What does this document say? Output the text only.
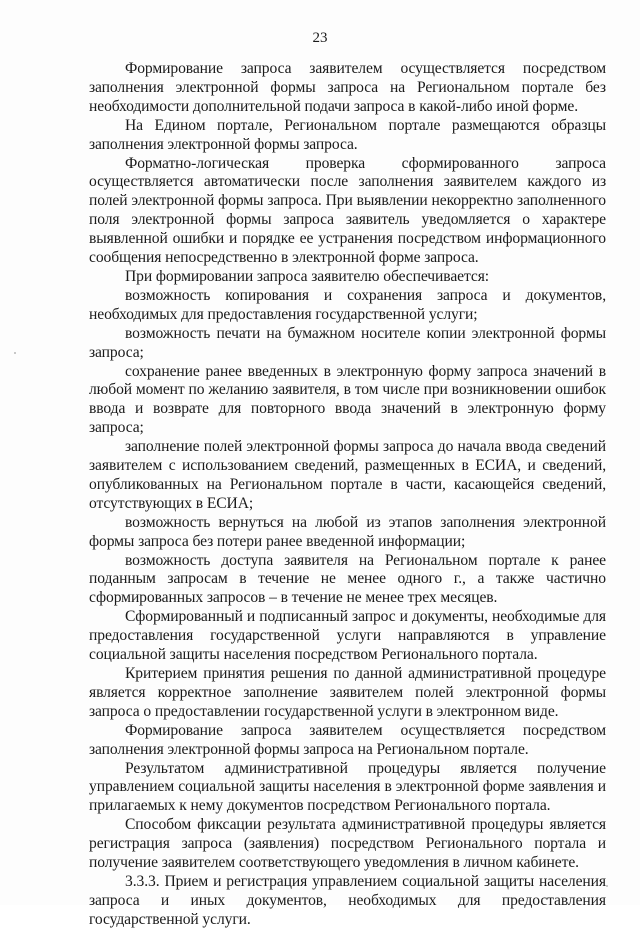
23

Формирование запроса заявителем осуществляется посредством заполнения электронной формы запроса на Региональном портале без необходимости дополнительной подачи запроса в какой-либо иной форме.

На Едином портале, Региональном портале размещаются образцы заполнения электронной формы запроса.

Форматно-логическая проверка сформированного запроса осуществляется автоматически после заполнения заявителем каждого из полей электронной формы запроса. При выявлении некорректно заполненного поля электронной формы запроса заявитель уведомляется о характере выявленной ошибки и порядке ее устранения посредством информационного сообщения непосредственно в электронной форме запроса.

При формировании запроса заявителю обеспечивается:

возможность копирования и сохранения запроса и документов, необходимых для предоставления государственной услуги;

возможность печати на бумажном носителе копии электронной формы запроса;

сохранение ранее введенных в электронную форму запроса значений в любой момент по желанию заявителя, в том числе при возникновении ошибок ввода и возврате для повторного ввода значений в электронную форму запроса;

заполнение полей электронной формы запроса до начала ввода сведений заявителем с использованием сведений, размещенных в ЕСИА, и сведений, опубликованных на Региональном портале в части, касающейся сведений, отсутствующих в ЕСИА;

возможность вернуться на любой из этапов заполнения электронной формы запроса без потери ранее введенной информации;

возможность доступа заявителя на Региональном портале к ранее поданным запросам в течение не менее одного г., а также частично сформированных запросов – в течение не менее трех месяцев.

Сформированный и подписанный запрос и документы, необходимые для предоставления государственной услуги направляются в управление социальной защиты населения посредством Регионального портала.

Критерием принятия решения по данной административной процедуре является корректное заполнение заявителем полей электронной формы запроса о предоставлении государственной услуги в электронном виде.

Формирование запроса заявителем осуществляется посредством заполнения электронной формы запроса на Региональном портале.

Результатом административной процедуры является получение управлением социальной защиты населения в электронной форме заявления и прилагаемых к нему документов посредством Регионального портала.

Способом фиксации результата административной процедуры является регистрация запроса (заявления) посредством Регионального портала и получение заявителем соответствующего уведомления в личном кабинете.

3.3.3. Прием и регистрация управлением социальной защиты населения запроса и иных документов, необходимых для предоставления государственной услуги.
